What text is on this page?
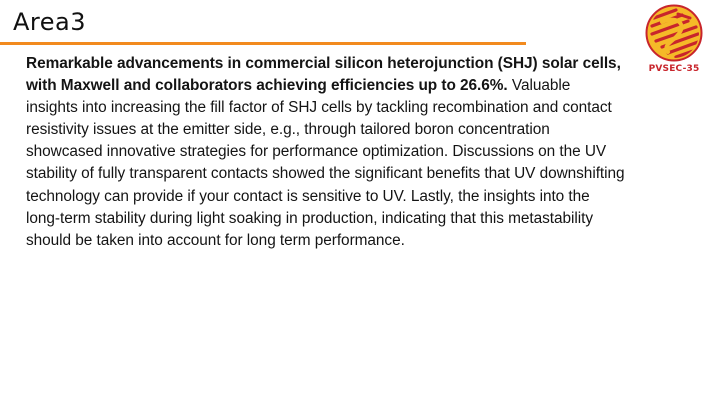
Area3

Remarkable advancements in commercial silicon heterojunction (SHJ) solar cells, with Maxwell and collaborators achieving efficiencies up to 26.6%. Valuable insights into increasing the fill factor of SHJ cells by tackling recombination and contact resistivity issues at the emitter side, e.g., through tailored boron concentration showcased innovative strategies for performance optimization. Discussions on the UV stability of fully transparent contacts showed the significant benefits that UV downshifting technology can provide if your contact is sensitive to UV. Lastly, the insights into the long-term stability during light soaking in production, indicating that this metastability should be taken into account for long term performance.

PVSEC-35
